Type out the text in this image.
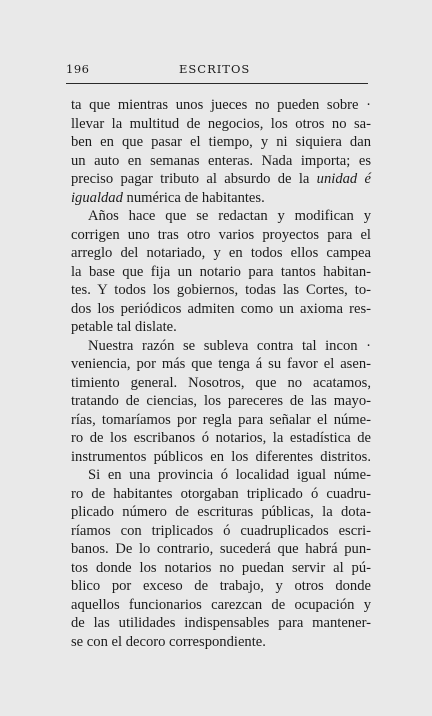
196	ESCRITOS
ta que mientras unos jueces no pueden sobre ·
llevar la multitud de negocios, los otros no sa-
ben en que pasar el tiempo, y ni siquiera dan
un auto en semanas enteras. Nada importa; es
preciso pagar tributo al absurdo de la unidad é
igualdad numérica de habitantes.
Años hace que se redactan y modifican y
corrigen uno tras otro varios proyectos para el
arreglo del notariado, y en todos ellos campea
la base que fija un notario para tantos habitan-
tes. Y todos los gobiernos, todas las Cortes, to-
dos los periódicos admiten como un axioma res-
petable tal dislate.
Nuestra razón se subleva contra tal incon ·
veniencia, por más que tenga á su favor el asen-
timiento general. Nosotros, que no acatamos,
tratando de ciencias, los pareceres de las mayo-
rías, tomaríamos por regla para señalar el núme-
ro de los escribanos ó notarios, la estadística de
instrumentos públicos en los diferentes distritos.
Si en una provincia ó localidad igual núme-
ro de habitantes otorgaban triplicado ó cuadru-
plicado número de escrituras públicas, la dota-
ríamos con triplicados ó cuadruplicados escri-
banos. De lo contrario, sucederá que habrá pun-
tos donde los notarios no puedan servir al pú-
blico por exceso de trabajo, y otros donde
aquellos funcionarios carezcan de ocupación y
de las utilidades indispensables para mantener-
se con el decoro correspondiente.
